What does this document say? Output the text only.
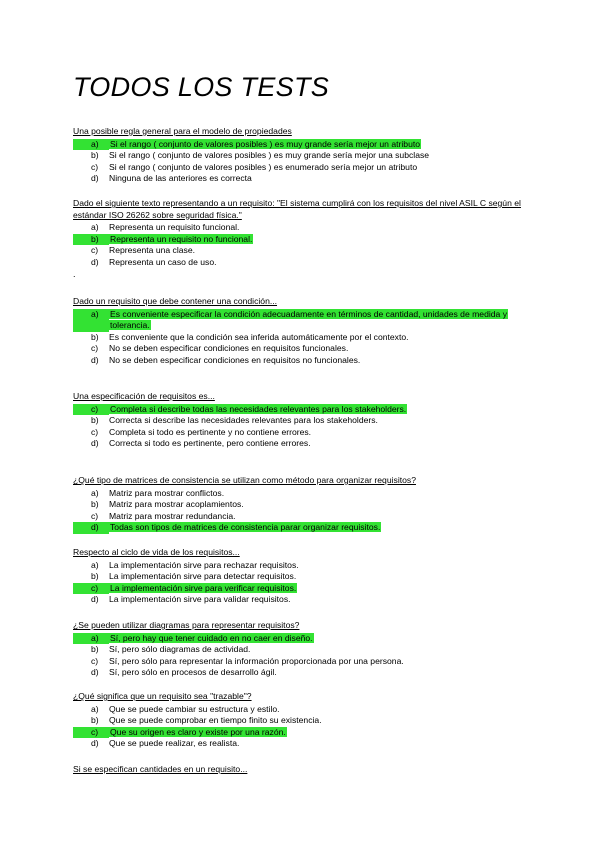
TODOS LOS TESTS

Una posible regla general para el modelo de propiedades

a)	Si el rango ( conjunto de valores posibles ) es muy grande sería mejor un atributo
b)	Si el rango ( conjunto de valores posibles ) es muy grande sería mejor una subclase
c)	Si el rango ( conjunto de valores posibles ) es enumerado sería mejor un atributo
d)	Ninguna de las anteriores es correcta

Dado el siguiente texto representando a un requisito: "El sistema cumplirá con los requisitos del nivel ASIL C según el estándar ISO 26262 sobre seguridad física."

a)	Representa un requisito funcional.
b)	Representa un requisito no funcional.
c)	Representa una clase.
d)	Representa un caso de uso.
.

Dado un requisito que debe contener una condición...

a)	Es conveniente especificar la condición adecuadamente en términos de cantidad, unidades de medida y tolerancia.
b)	Es conveniente que la condición sea inferida automáticamente por el contexto.
c)	No se deben especificar condiciones en requisitos funcionales.
d)	No se deben especificar condiciones en requisitos no funcionales.

Una especificación de requisitos es...

c)	Completa si describe todas las necesidades relevantes para los stakeholders.
b)	Correcta si describe las necesidades relevantes para los stakeholders.
c)	Completa si todo es pertinente y no contiene errores.
d)	Correcta si todo es pertinente, pero contiene errores.

¿Qué tipo de matrices de consistencia se utilizan como método para organizar requisitos?

a)	Matriz para mostrar conflictos.
b)	Matriz para mostrar acoplamientos.
c)	Matriz para mostrar redundancia.
d)	Todas son tipos de matrices de consistencia parar organizar requisitos.

Respecto al ciclo de vida de los requisitos...

a)	La implementación sirve para rechazar requisitos.
b)	La implementación sirve para detectar requisitos.
c)	La implementación sirve para verificar requisitos.
d)	La implementación sirve para validar requisitos.

¿Se pueden utilizar diagramas para representar requisitos?

a)	Sí, pero hay que tener cuidado en no caer en diseño.
b)	Sí, pero sólo diagramas de actividad.
c)	Sí, pero sólo para representar la información proporcionada por una persona.
d)	Sí, pero sólo en procesos de desarrollo ágil.

¿Qué significa que un requisito sea "trazable"?

a)	Que se puede cambiar su estructura y estilo.
b)	Que se puede comprobar en tiempo finito su existencia.
c)	Que su origen es claro y existe por una razón.
d)	Que se puede realizar, es realista.

Si se especifican cantidades en un requisito...
